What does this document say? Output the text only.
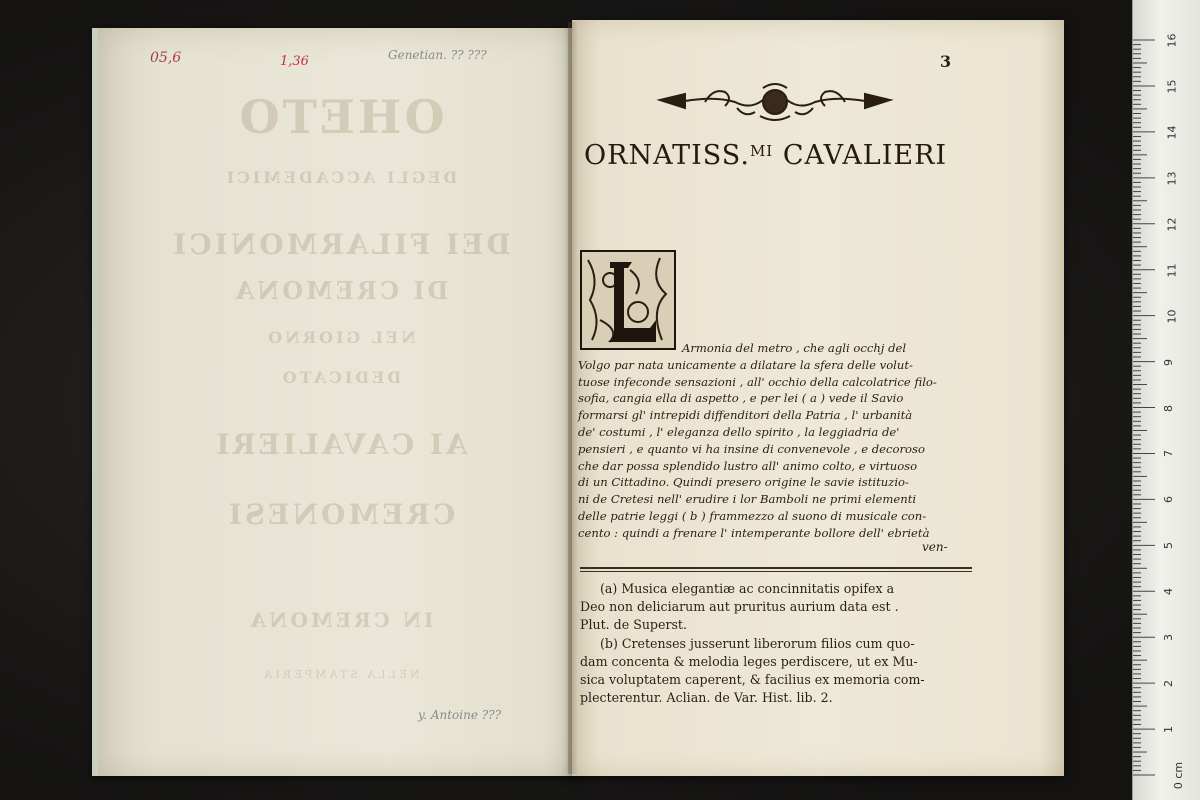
ΟΗΕΤΟ
DEGLI ACCADEMICI
DEI FILARMONICI
DI CREMONA
NEL GIORNO
DEDICATO
AI CAVALIERI
CREMONESI
IN CREMONA
NELLA STAMPERIA
05,6	1,36	Genetian. ?? ???
y. Antoine ???
3
ORNATISS.$^{MI}$ CAVALIERI
Armonia del metro , che agli occhj del
Volgo par nata unicamente a dilatare la sfera delle volut-
tuose infeconde sensazioni , all' occhio della calcolatrice filo-
sofia, cangia ella di aspetto , e per lei ( a ) vede il Savio
formarsi gl' intrepidi diffenditori della Patria , l' urbanità
de' costumi , l' eleganza dello spirito , la leggiadria de'
pensieri , e quanto vi ha insine di convenevole , e decoroso
che dar possa splendido lustro all' animo colto, e virtuoso
di un Cittadino. Quindi presero origine le savie istituzio-
ni de Cretesi nell' erudire i lor Bamboli ne primi elementi
delle patrie leggi ( b ) frammezzo al suono di musicale con-
cento : quindi a frenare l' intemperante bollore dell' ebrietà
ven-
(a) Musica elegantiæ ac concinnitatis opifex a
Deo non deliciarum aut pruritus aurium data est .
Plut. de Superst.
(b) Cretenses jusserunt liberorum filios cum quo-
dam concenta & melodia leges perdiscere, ut ex Mu-
sica voluptatem caperent, & facilius ex memoria com-
plecterentur. Aclian. de Var. Hist. lib. 2.
16
15
14
13
12
11
10
9
8
7
6
5
4
3
2
1
0 cm
